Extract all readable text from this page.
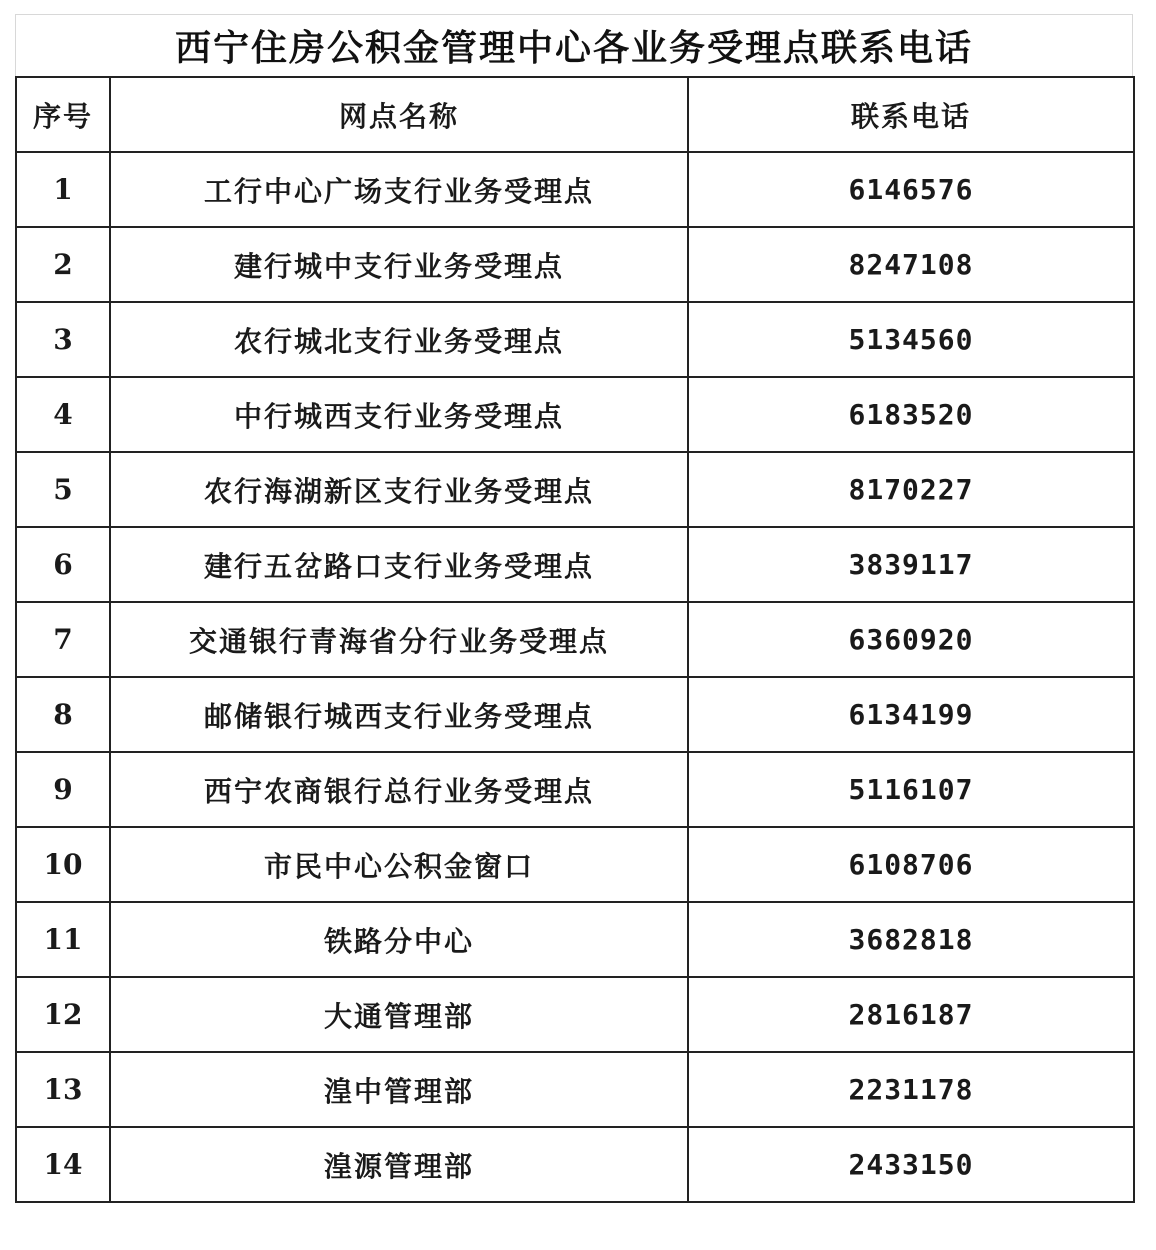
西宁住房公积金管理中心各业务受理点联系电话
序号	网点名称	联系电话
1	工行中心广场支行业务受理点	6146576
2	建行城中支行业务受理点	8247108
3	农行城北支行业务受理点	5134560
4	中行城西支行业务受理点	6183520
5	农行海湖新区支行业务受理点	8170227
6	建行五岔路口支行业务受理点	3839117
7	交通银行青海省分行业务受理点	6360920
8	邮储银行城西支行业务受理点	6134199
9	西宁农商银行总行业务受理点	5116107
10	市民中心公积金窗口	6108706
11	铁路分中心	3682818
12	大通管理部	2816187
13	湟中管理部	2231178
14	湟源管理部	2433150
